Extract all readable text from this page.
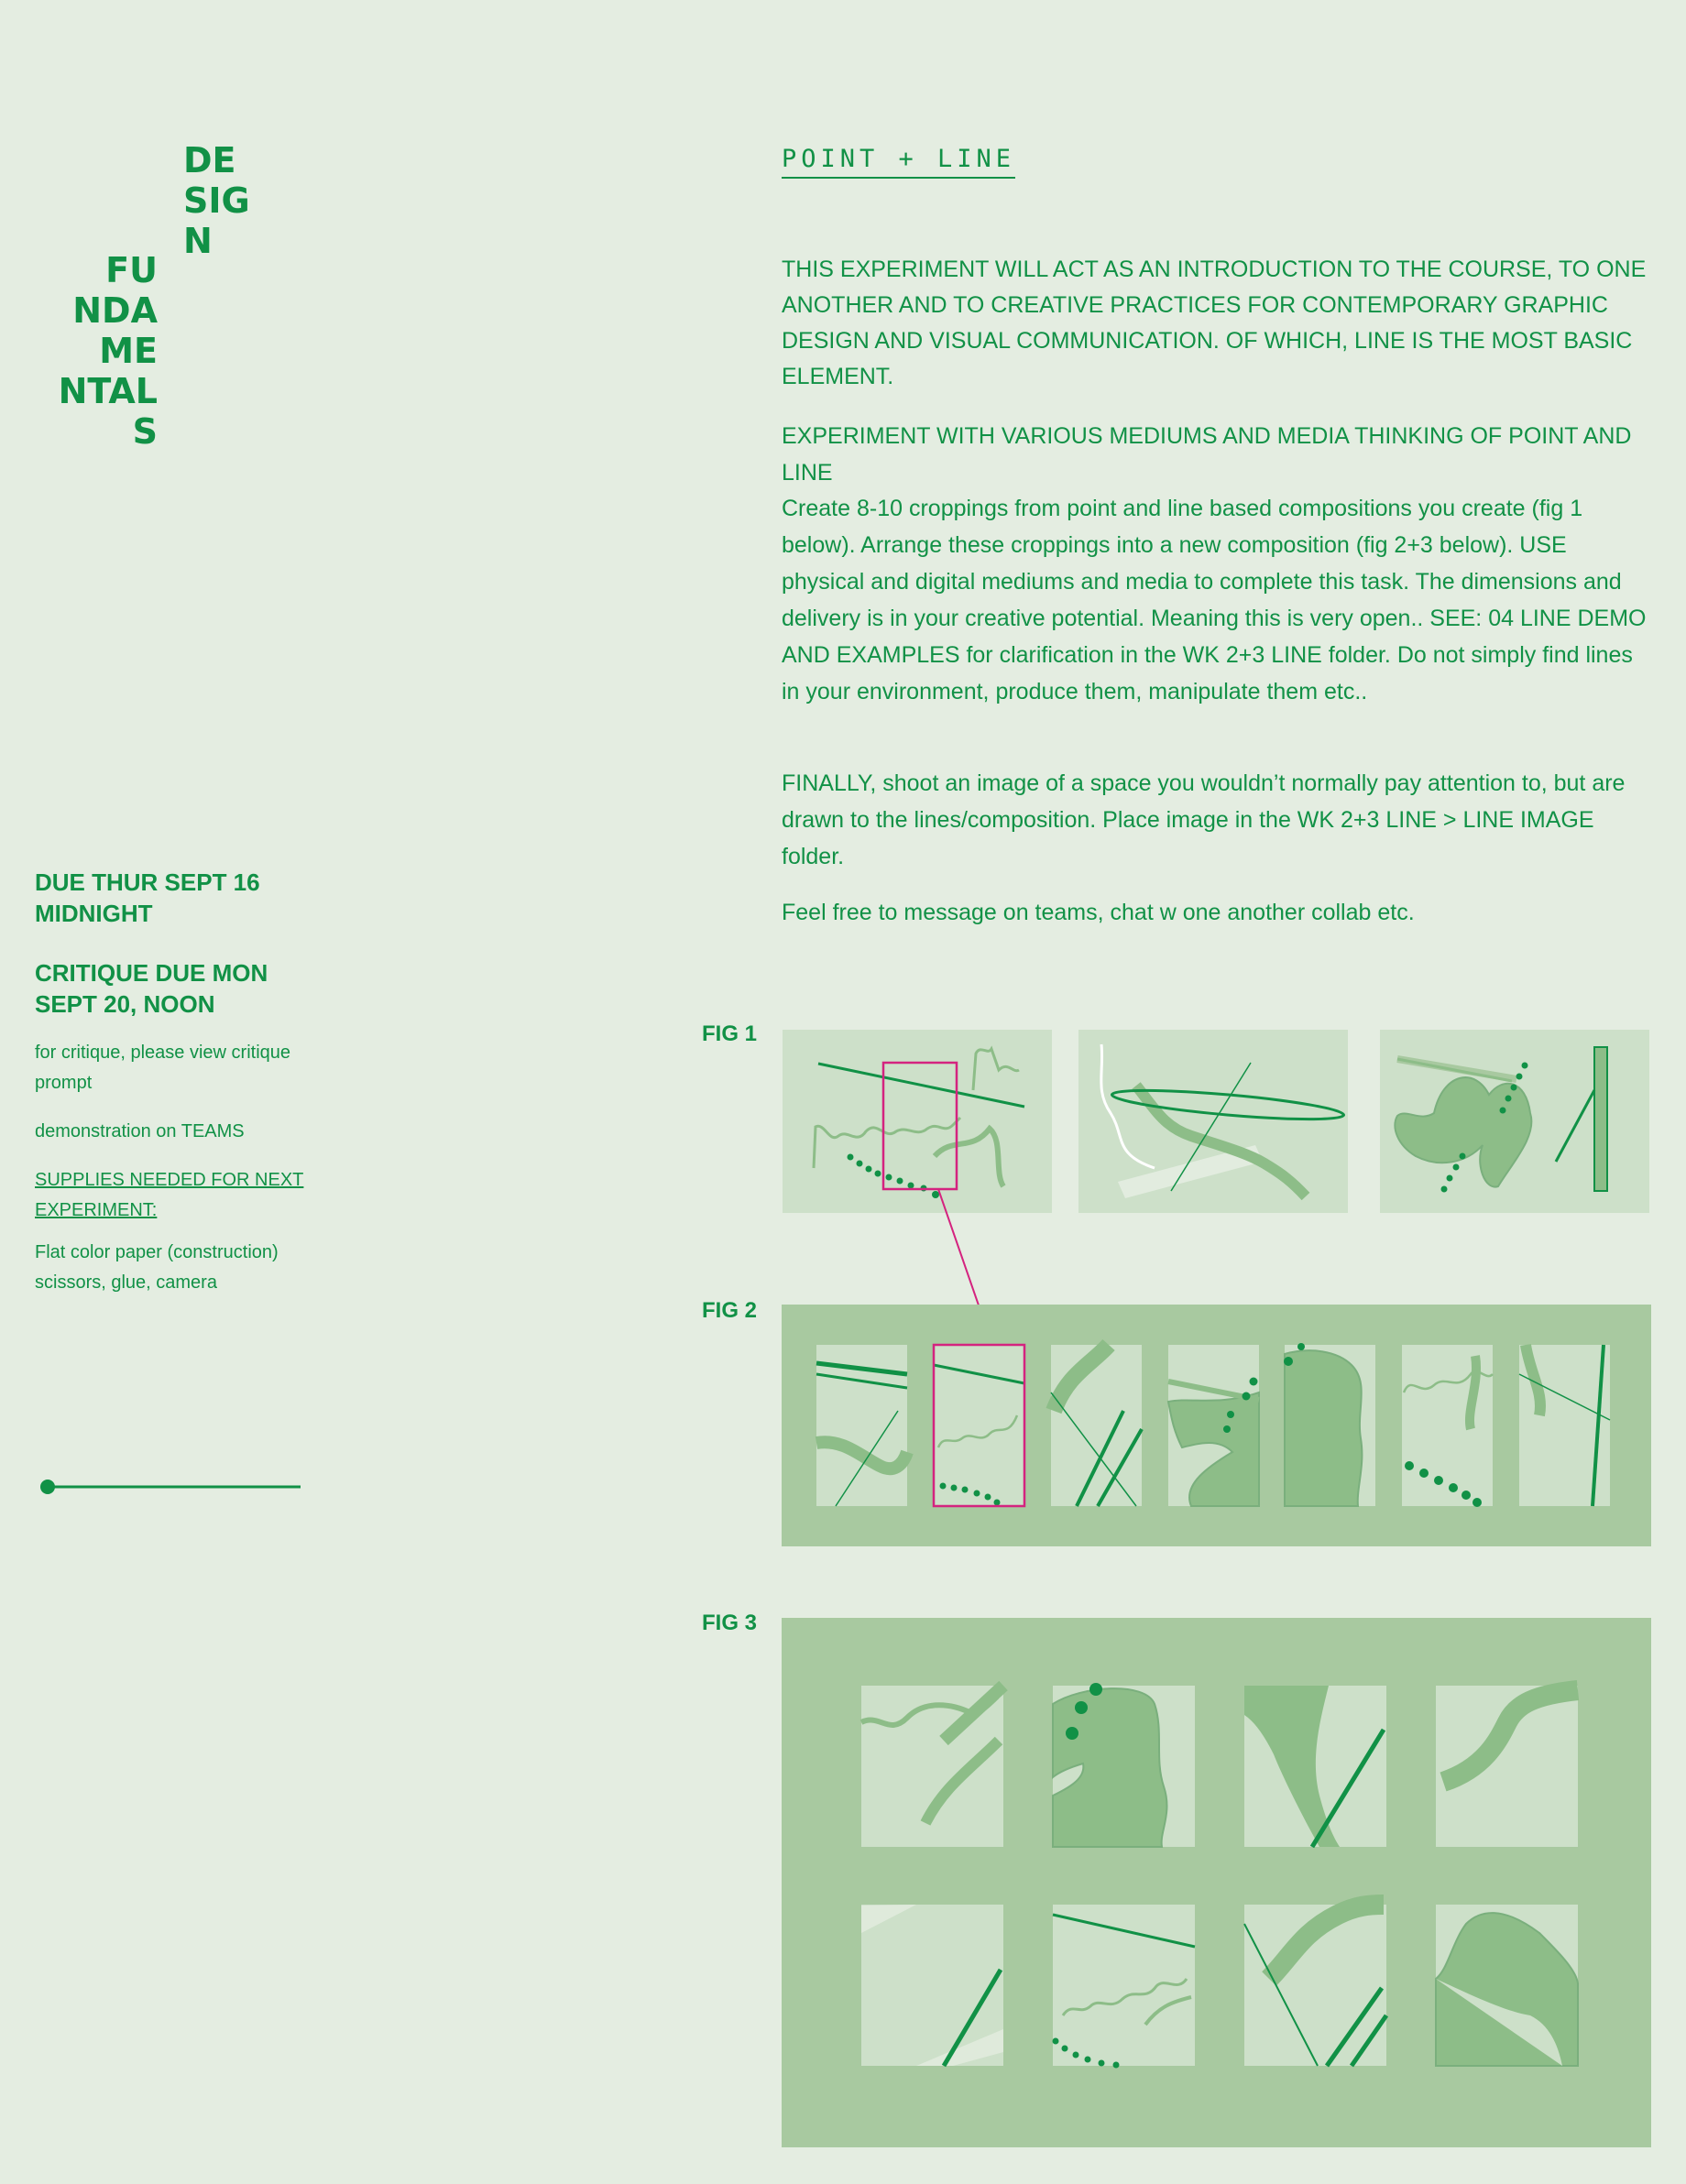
DE
SIG
N
FU
NDA
ME
NTAL
S
POINT + LINE
THIS EXPERIMENT WILL ACT AS AN INTRODUCTION TO THE COURSE, TO ONE ANOTHER AND TO CREATIVE PRACTICES FOR CONTEMPORARY GRAPHIC DESIGN AND VISUAL COMMUNICATION. OF WHICH, LINE IS THE MOST BASIC ELEMENT.
EXPERIMENT WITH VARIOUS MEDIUMS AND MEDIA THINKING OF POINT AND LINE
Create 8-10 croppings from point and line based compositions you create (fig 1 below). Arrange these croppings into a new composition (fig 2+3 below). USE physical and digital mediums and media to complete this task. The dimensions and delivery is in your creative potential. Meaning this is very open.. SEE: 04 LINE DEMO AND EXAMPLES for clarification in the WK 2+3 LINE folder. Do not simply find lines in your environment, produce them, manipulate them etc..
FINALLY, shoot an image of a space you wouldn’t normally pay attention to, but are drawn to the lines/composition. Place image in the WK 2+3 LINE > LINE IMAGE folder.
Feel free to message on teams, chat w one another collab etc.
DUE THUR SEPT 16 MIDNIGHT
CRITIQUE DUE MON SEPT 20, NOON
for critique, please view critique prompt
demonstration on TEAMS
SUPPLIES NEEDED FOR NEXT EXPERIMENT:
Flat color paper (construction) scissors, glue, camera
FIG 1
FIG 2
FIG 3
